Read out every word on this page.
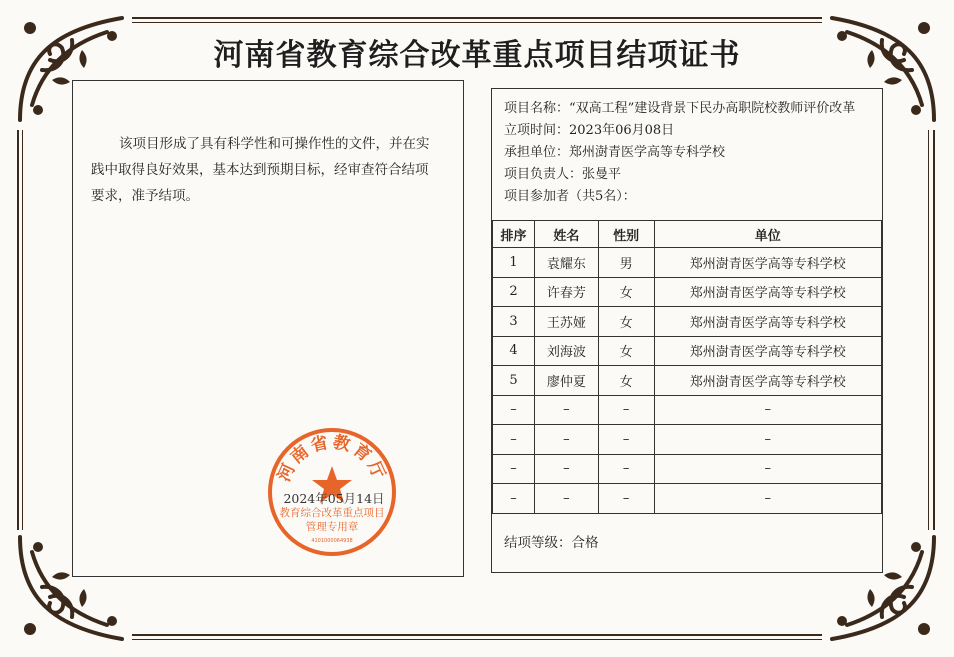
河南省教育综合改革重点项目结项证书
该项目形成了具有科学性和可操作性的文件，并在实践中取得良好效果，基本达到预期目标，经审查符合结项要求，准予结项。
河南省教育厅
教育综合改革重点项目
管理专用章
4101000064938
2024年05月14日
项目名称：“双高工程”建设背景下民办高职院校教师评价改革
立项时间：2023年06月08日
承担单位：郑州澍青医学高等专科学校
项目负责人：张曼平
项目参加者（共5名）：
排序	姓名	性别	单位
1	袁耀东	男	郑州澍青医学高等专科学校
2	许春芳	女	郑州澍青医学高等专科学校
3	王苏娅	女	郑州澍青医学高等专科学校
4	刘海波	女	郑州澍青医学高等专科学校
5	廖仲夏	女	郑州澍青医学高等专科学校
–	–	–	–
–	–	–	–
–	–	–	–
–	–	–	–
结项等级：合格
